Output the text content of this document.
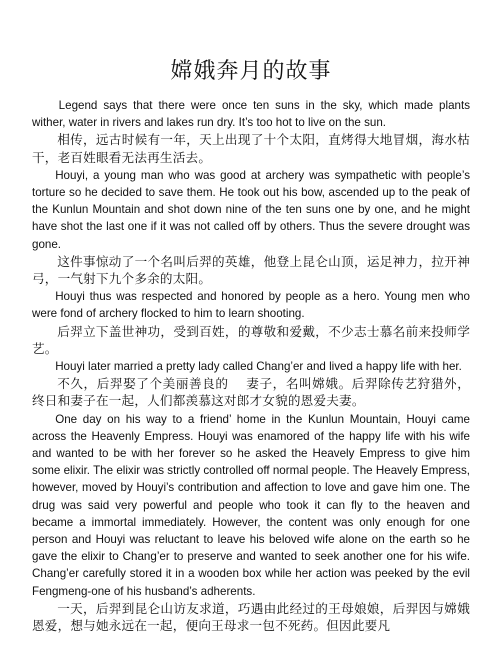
嫦娥奔月的故事

Legend says that there were once ten suns in the sky, which made plants wither, water in rivers and lakes run dry. It’s too hot to live on the sun.

相传，远古时候有一年，天上出现了十个太阳，直烤得大地冒烟，海水枯干，老百姓眼看无法再生活去。

Houyi, a young man who was good at archery was sympathetic with people’s torture so he decided to save them. He took out his bow, ascended up to the peak of the Kunlun Mountain and shot down nine of the ten suns one by one, and he might have shot the last one if it was not called off by others. Thus the severe drought was gone.

这件事惊动了一个名叫后羿的英雄，他登上昆仑山顶，运足神力，拉开神弓，一气射下九个多余的太阳。

Houyi thus was respected and honored by people as a hero. Young men who were fond of archery flocked to him to learn shooting.

后羿立下盖世神功，受到百姓，的尊敬和爱戴，不少志士慕名前来投师学艺。

Houyi later married a pretty lady called Chang’er and lived a happy life with her.

不久，后羿娶了个美丽善良的　 妻子，名叫嫦娥。后羿除传艺狩猎外，终日和妻子在一起，人们都羡慕这对郎才女貌的恩爱夫妻。

One day on his way to a friend’ home in the Kunlun Mountain, Houyi came across the Heavenly Empress. Houyi was enamored of the happy life with his wife and wanted to be with her forever so he asked the Heavely Empress to give him some elixir. The elixir was strictly controlled off normal people. The Heavely Empress, however, moved by Houyi’s contribution and affection to love and gave him one. The drug was said very powerful and people who took it can fly to the heaven and became a immortal immediately. However, the content was only enough for one person and Houyi was reluctant to leave his beloved wife alone on the earth so he gave the elixir to Chang’er to preserve and wanted to seek another one for his wife. Chang’er carefully stored it in a wooden box while her action was peeked by the evil Fengmeng-one of his husband’s adherents.

一天，后羿到昆仑山访友求道，巧遇由此经过的王母娘娘，后羿因与嫦娥恩爱，想与她永远在一起，便向王母求一包不死药。但因此要凡
